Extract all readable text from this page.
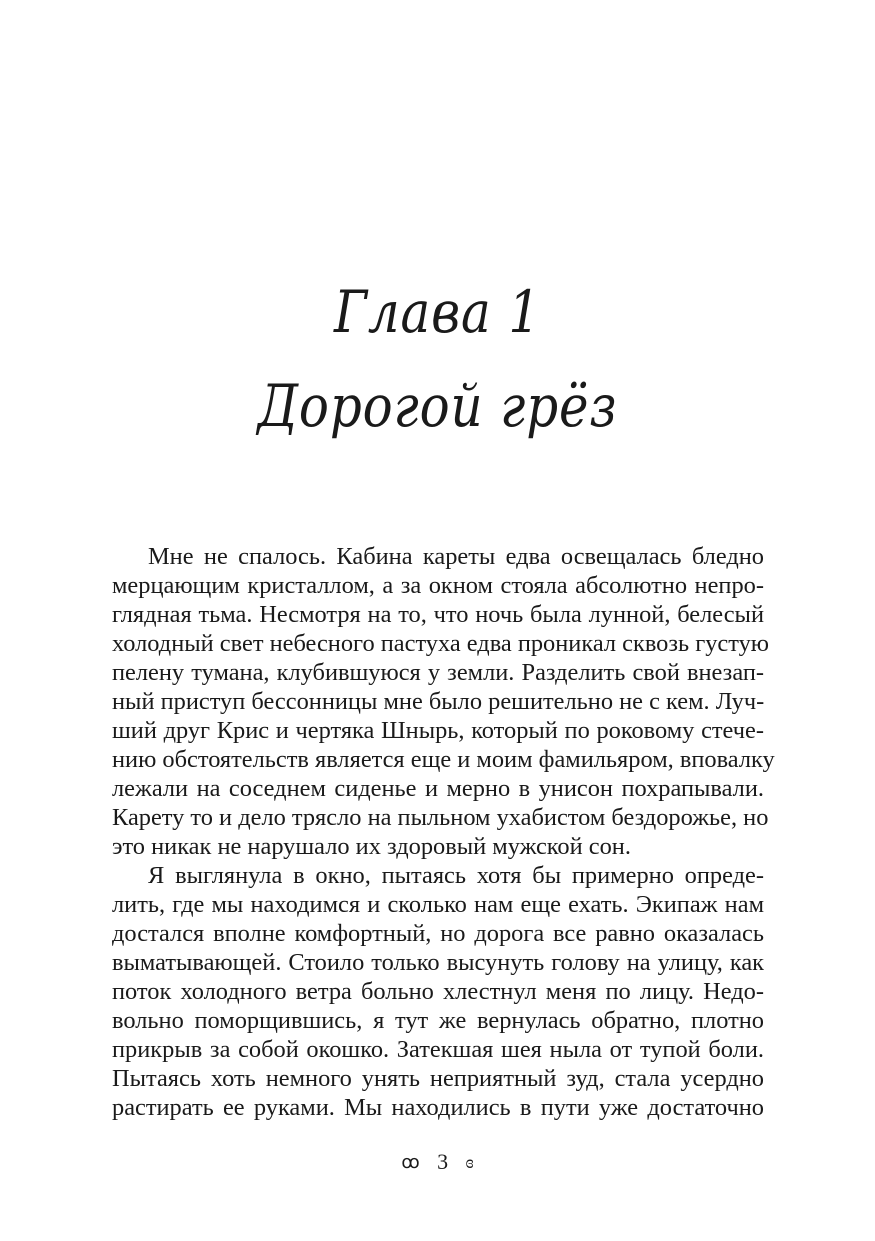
Глава 1
Дорогой грёз
Мне не спалось. Кабина кареты едва освещалась бледно
мерцающим кристаллом, а за окном стояла абсолютно непро-
глядная тьма. Несмотря на то, что ночь была лунной, белесый
холодный свет небесного пастуха едва проникал сквозь густую
пелену тумана, клубившуюся у земли. Разделить свой внезап-
ный приступ бессонницы мне было решительно не с кем. Луч-
ший друг Крис и чертяка Шнырь, который по роковому стече-
нию обстоятельств является еще и моим фамильяром, вповалку
лежали на соседнем сиденье и мерно в унисон похрапывали.
Карету то и дело трясло на пыльном ухабистом бездорожье, но
это никак не нарушало их здоровый мужской сон.
Я выглянула в окно, пытаясь хотя бы примерно опреде-
лить, где мы находимся и сколько нам еще ехать. Экипаж нам
достался вполне комфортный, но дорога все равно оказалась
выматывающей. Стоило только высунуть голову на улицу, как
поток холодного ветра больно хлестнул меня по лицу. Недо-
вольно поморщившись, я тут же вернулась обратно, плотно
прикрыв за собой окошко. Затекшая шея ныла от тупой боли.
Пытаясь хоть немного унять неприятный зуд, стала усердно
растирать ее руками. Мы находились в пути уже достаточно
ꝏ 3 ɞ
